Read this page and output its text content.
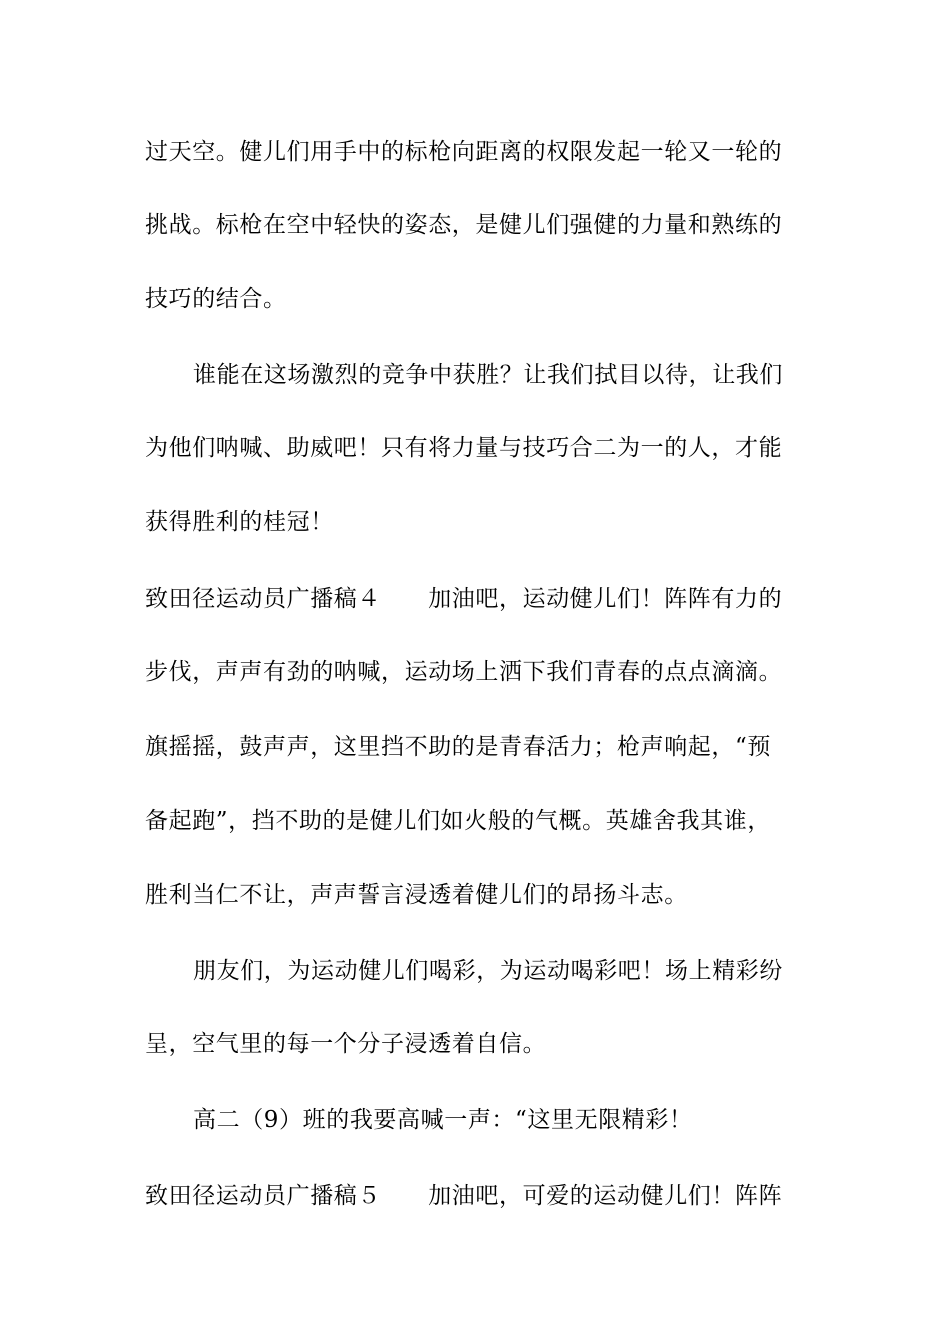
过天空。健儿们用手中的标枪向距离的权限发起一轮又一轮的
挑战。标枪在空中轻快的姿态，是健儿们强健的力量和熟练的
技巧的结合。
谁能在这场激烈的竞争中获胜？让我们拭目以待，让我们
为他们呐喊、助威吧！只有将力量与技巧合二为一的人，才能
获得胜利的桂冠！
致田径运动员广播稿４　　加油吧，运动健儿们！阵阵有力的
步伐，声声有劲的呐喊，运动场上洒下我们青春的点点滴滴。
旗摇摇，鼓声声，这里挡不助的是青春活力；枪声响起，“预
备起跑”，挡不助的是健儿们如火般的气概。英雄舍我其谁，
胜利当仁不让，声声誓言浸透着健儿们的昂扬斗志。
朋友们，为运动健儿们喝彩，为运动喝彩吧！场上精彩纷
呈，空气里的每一个分子浸透着自信。
高二（9）班的我要高喊一声：“这里无限精彩！
致田径运动员广播稿５　　加油吧，可爱的运动健儿们！阵阵
